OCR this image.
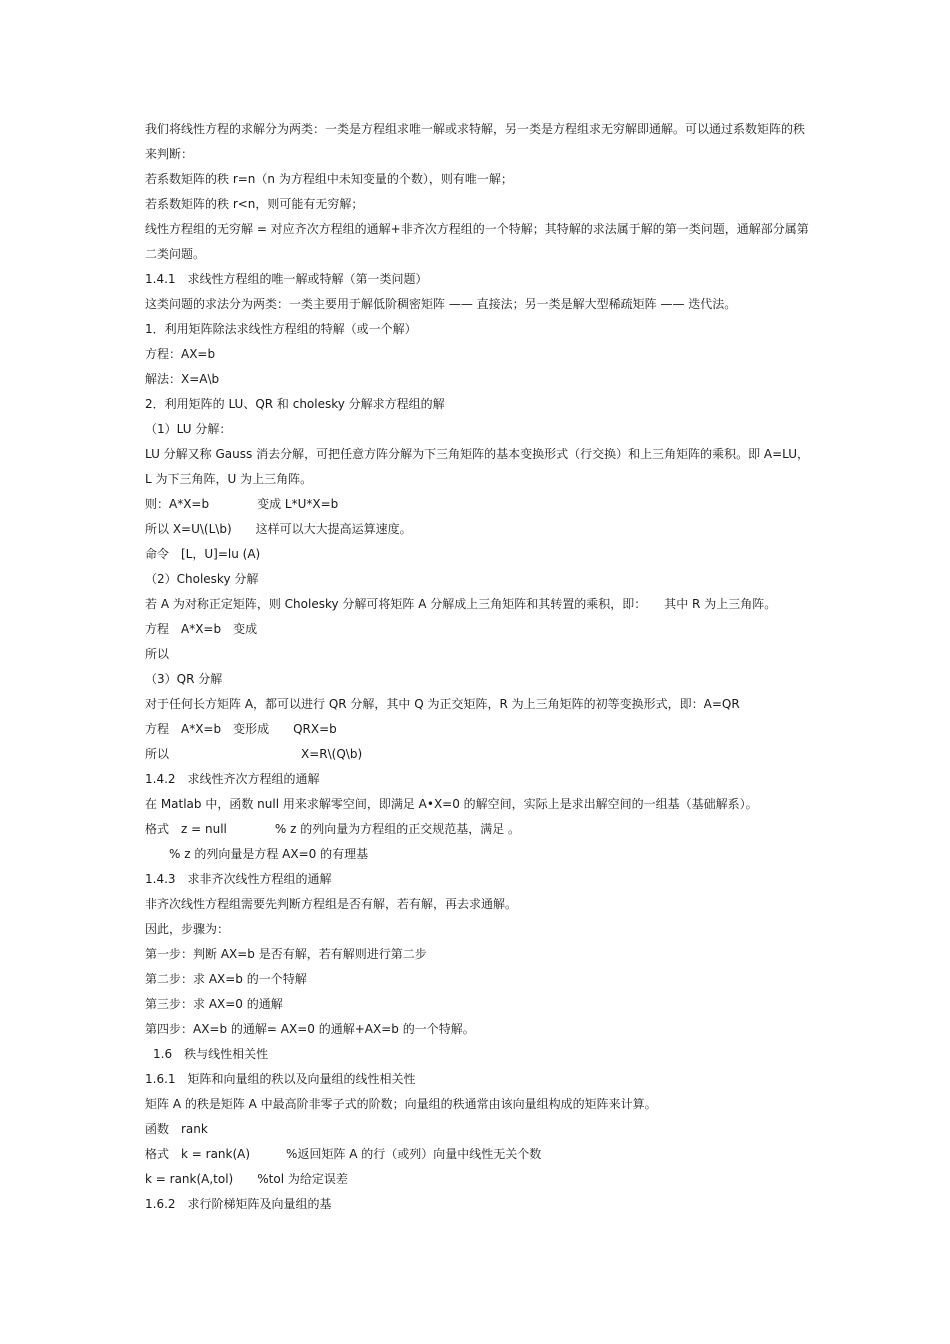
我们将线性方程的求解分为两类：一类是方程组求唯一解或求特解，另一类是方程组求无穷解即通解。可以通过系数矩阵的秩来判断：
若系数矩阵的秩 r=n（n 为方程组中未知变量的个数），则有唯一解；
若系数矩阵的秩 r<n，则可能有无穷解；
线性方程组的无穷解 = 对应齐次方程组的通解+非齐次方程组的一个特解；其特解的求法属于解的第一类问题，通解部分属第二类问题。
1.4.1　求线性方程组的唯一解或特解（第一类问题）
这类问题的求法分为两类：一类主要用于解低阶稠密矩阵 —— 直接法；另一类是解大型稀疏矩阵 —— 迭代法。
1．利用矩阵除法求线性方程组的特解（或一个解）
方程：AX=b
解法：X=A\b
2．利用矩阵的 LU、QR 和 cholesky 分解求方程组的解
（1）LU 分解：
LU 分解又称 Gauss 消去分解，可把任意方阵分解为下三角矩阵的基本变换形式（行交换）和上三角矩阵的乘积。即 A=LU，L 为下三角阵，U 为上三角阵。
则：A*X=b　　　　变成 L*U*X=b
所以 X=U\(L\b)　　这样可以大大提高运算速度。
命令　[L，U]=lu (A)
（2）Cholesky 分解
若 A 为对称正定矩阵，则 Cholesky 分解可将矩阵 A 分解成上三角矩阵和其转置的乘积，即：　　其中 R 为上三角阵。
方程　A*X=b　变成
所以
（3）QR 分解
对于任何长方矩阵 A，都可以进行 QR 分解，其中 Q 为正交矩阵，R 为上三角矩阵的初等变换形式，即：A=QR
方程　A*X=b　变形成　　QRX=b
所以　　　　　　　　　　　X=R\(Q\b)
1.4.2　求线性齐次方程组的通解
在 Matlab 中，函数 null 用来求解零空间，即满足 A•X=0 的解空间，实际上是求出解空间的一组基（基础解系）。
格式　z = null　　　　% z 的列向量为方程组的正交规范基，满足 。
% z 的列向量是方程 AX=0 的有理基
1.4.3　求非齐次线性方程组的通解
非齐次线性方程组需要先判断方程组是否有解，若有解，再去求通解。
因此，步骤为：
第一步：判断 AX=b 是否有解，若有解则进行第二步
第二步：求 AX=b 的一个特解
第三步：求 AX=0 的通解
第四步：AX=b 的通解= AX=0 的通解+AX=b 的一个特解。
1.6　秩与线性相关性
1.6.1　矩阵和向量组的秩以及向量组的线性相关性
矩阵 A 的秩是矩阵 A 中最高阶非零子式的阶数；向量组的秩通常由该向量组构成的矩阵来计算。
函数　rank
格式　k = rank(A)　　　%返回矩阵 A 的行（或列）向量中线性无关个数
k = rank(A,tol)　　%tol 为给定误差
1.6.2　求行阶梯矩阵及向量组的基
